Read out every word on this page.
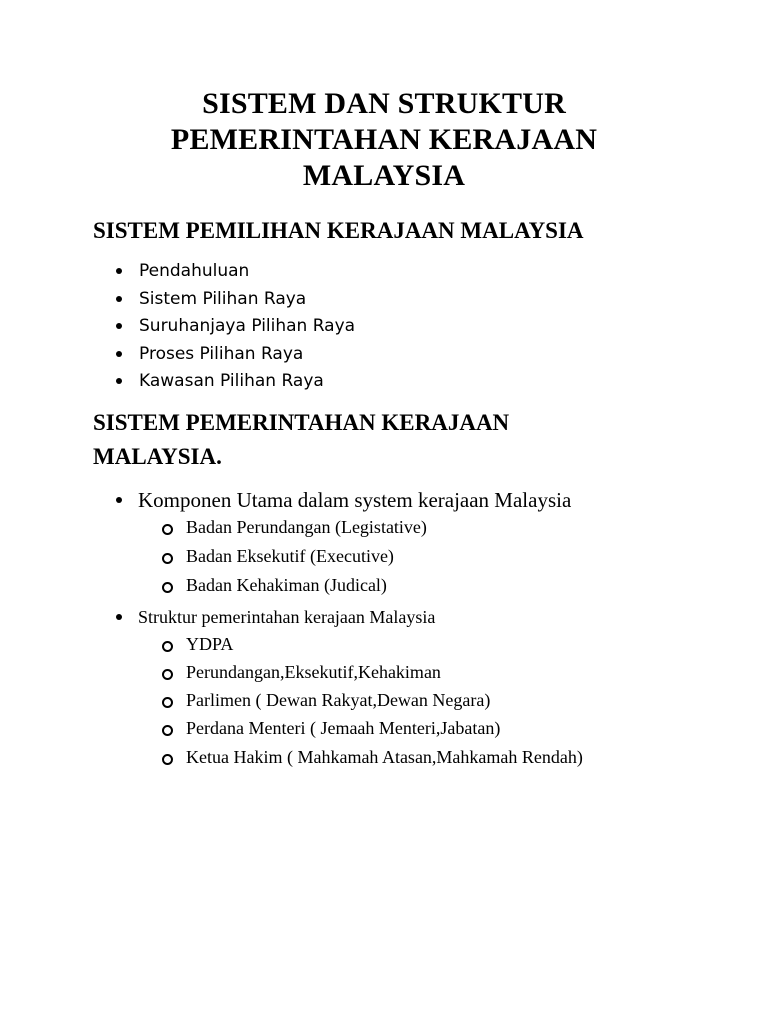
SISTEM DAN STRUKTUR
PEMERINTAHAN KERAJAAN
MALAYSIA
SISTEM PEMILIHAN KERAJAAN MALAYSIA
Pendahuluan
Sistem Pilihan Raya
Suruhanjaya Pilihan Raya
Proses Pilihan Raya
Kawasan Pilihan Raya
SISTEM PEMERINTAHAN KERAJAAN
MALAYSIA.
Komponen Utama dalam system kerajaan Malaysia
Badan Perundangan (Legistative)
Badan Eksekutif (Executive)
Badan Kehakiman (Judical)
Struktur pemerintahan kerajaan Malaysia
YDPA
Perundangan,Eksekutif,Kehakiman
Parlimen ( Dewan Rakyat,Dewan Negara)
Perdana Menteri ( Jemaah Menteri,Jabatan)
Ketua Hakim ( Mahkamah Atasan,Mahkamah Rendah)
